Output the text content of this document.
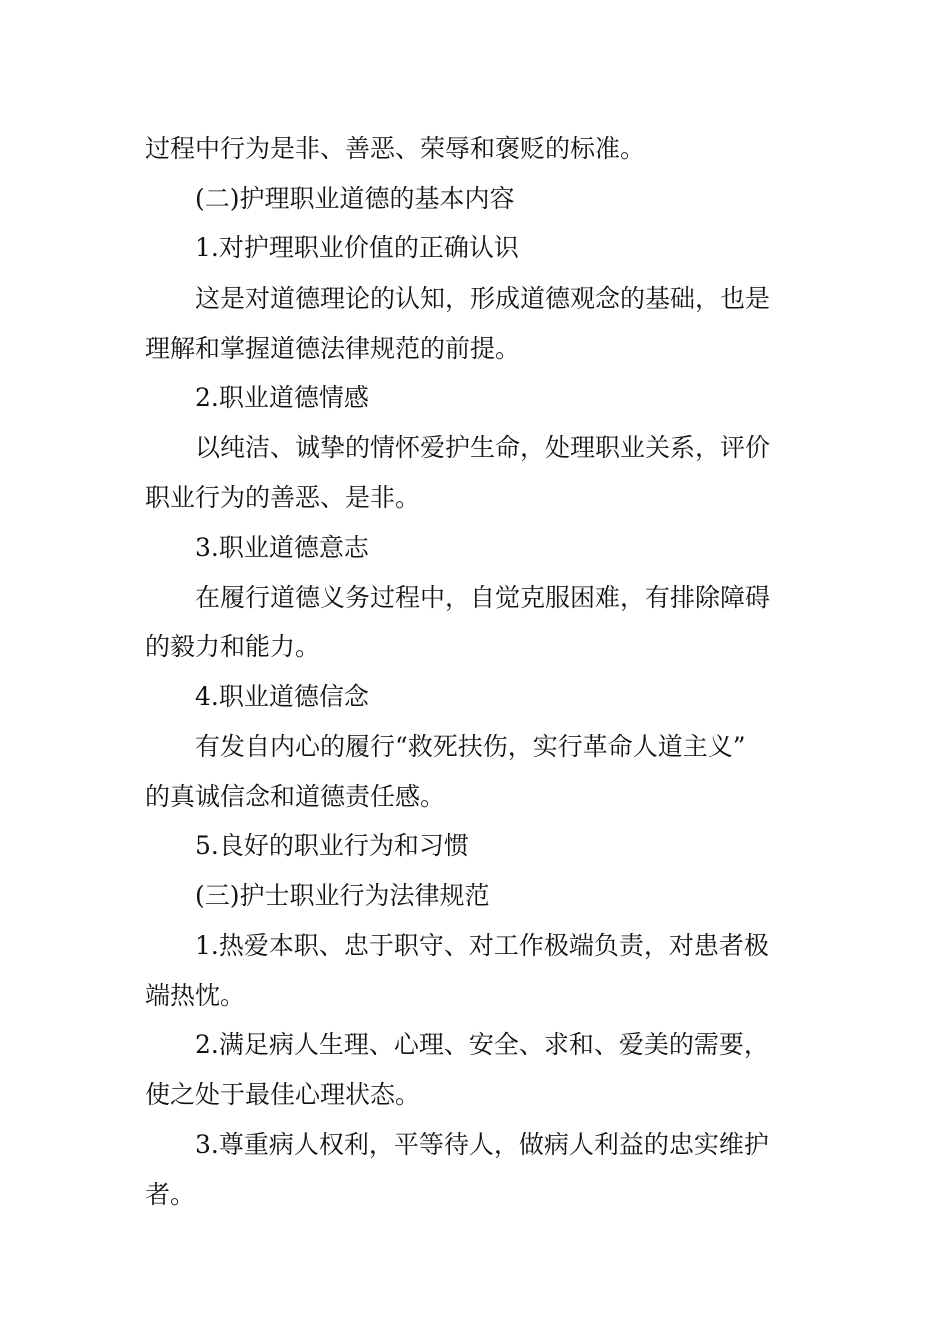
过程中行为是非、善恶、荣辱和褒贬的标准。
(二)护理职业道德的基本内容
1.对护理职业价值的正确认识
这是对道德理论的认知，形成道德观念的基础，也是
理解和掌握道德法律规范的前提。
2.职业道德情感
以纯洁、诚挚的情怀爱护生命，处理职业关系，评价
职业行为的善恶、是非。
3.职业道德意志
在履行道德义务过程中，自觉克服困难，有排除障碍
的毅力和能力。
4.职业道德信念
有发自内心的履行“救死扶伤，实行革命人道主义”
的真诚信念和道德责任感。
5.良好的职业行为和习惯
(三)护士职业行为法律规范
1.热爱本职、忠于职守、对工作极端负责，对患者极
端热忱。
2.满足病人生理、心理、安全、求和、爱美的需要，
使之处于最佳心理状态。
3.尊重病人权利，平等待人，做病人利益的忠实维护
者。
